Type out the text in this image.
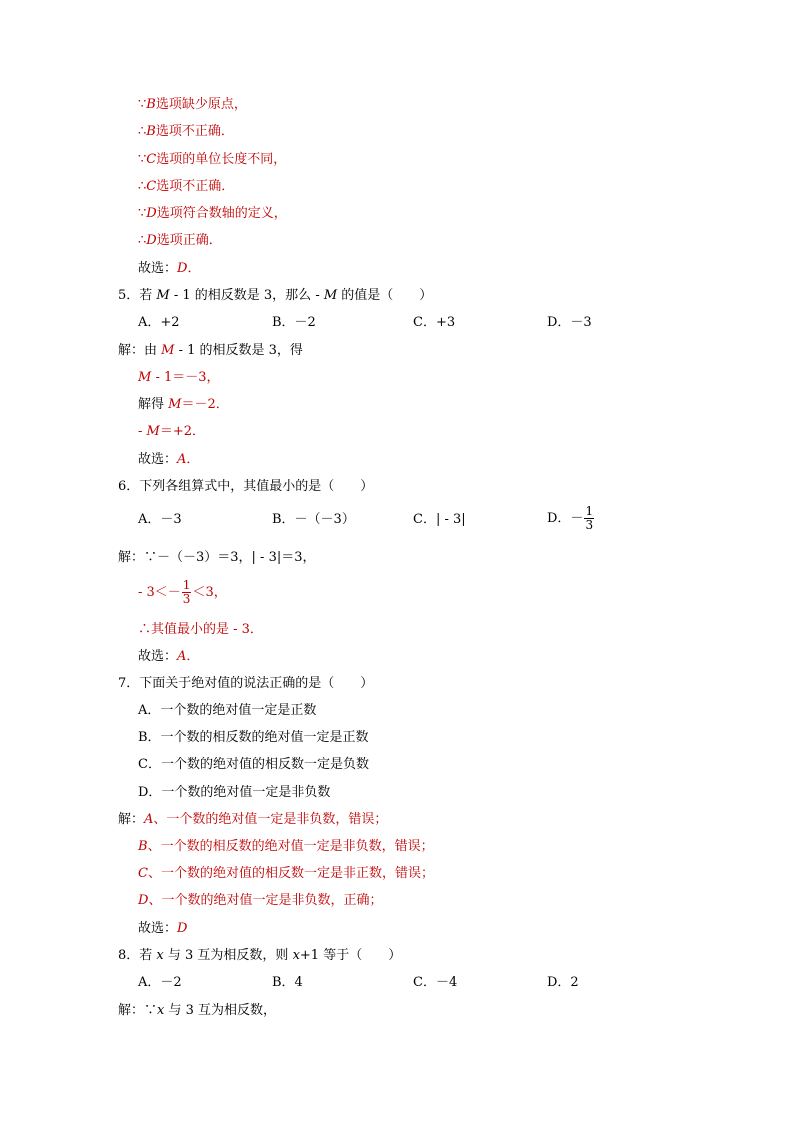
∵B选项缺少原点，
∴B选项不正确．
∵C选项的单位长度不同，
∴C选项不正确．
∵D选项符合数轴的定义，
∴D选项正确．
故选：D．
5．若 M - 1 的相反数是 3，那么 - M 的值是（　　）
A．+2	B．－2	C．+3	D．－3
解：由 M - 1 的相反数是 3，得
M - 1＝－3，
解得 M＝－2．
- M＝+2．
故选：A．
6．下列各组算式中，其值最小的是（　　）
A．－3	B．－（－3）	C．| - 3|	D．－ $\frac{1}{3}$
解：∵－（－3）＝3，| - 3|＝3，
- $3<- \frac{1}{3} <3$，
∴其值最小的是 - 3．
故选：A．
7．下面关于绝对值的说法正确的是（　　）
A．一个数的绝对值一定是正数
B．一个数的相反数的绝对值一定是正数
C．一个数的绝对值的相反数一定是负数
D．一个数的绝对值一定是非负数
解：A、一个数的绝对值一定是非负数，错误；
B、一个数的相反数的绝对值一定是非负数，错误；
C、一个数的绝对值的相反数一定是非正数，错误；
D、一个数的绝对值一定是非负数，正确；
故选：D
8．若 x 与 3 互为相反数，则 x+1 等于（　　）
A．－2	B．4	C．－4	D．2
解：∵x 与 3 互为相反数，
